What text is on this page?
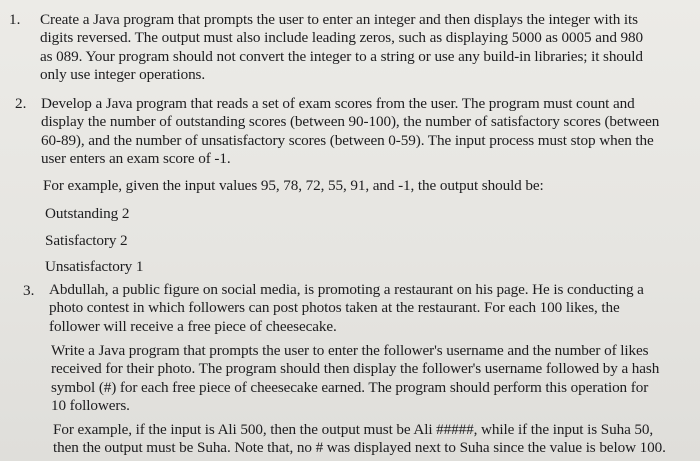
1. Create a Java program that prompts the user to enter an integer and then displays the integer with its
digits reversed. The output must also include leading zeros, such as displaying 5000 as 0005 and 980
as 089. Your program should not convert the integer to a string or use any build-in libraries; it should
only use integer operations.
2. Develop a Java program that reads a set of exam scores from the user. The program must count and
display the number of outstanding scores (between 90-100), the number of satisfactory scores (between
60-89), and the number of unsatisfactory scores (between 0-59). The input process must stop when the
user enters an exam score of -1.
For example, given the input values 95, 78, 72, 55, 91, and -1, the output should be:
Outstanding 2
Satisfactory 2
Unsatisfactory 1
3. Abdullah, a public figure on social media, is promoting a restaurant on his page. He is conducting a
photo contest in which followers can post photos taken at the restaurant. For each 100 likes, the
follower will receive a free piece of cheesecake.
Write a Java program that prompts the user to enter the follower's username and the number of likes
received for their photo. The program should then display the follower's username followed by a hash
symbol (#) for each free piece of cheesecake earned. The program should perform this operation for
10 followers.
For example, if the input is Ali 500, then the output must be Ali #####, while if the input is Suha 50,
then the output must be Suha. Note that, no # was displayed next to Suha since the value is below 100.
